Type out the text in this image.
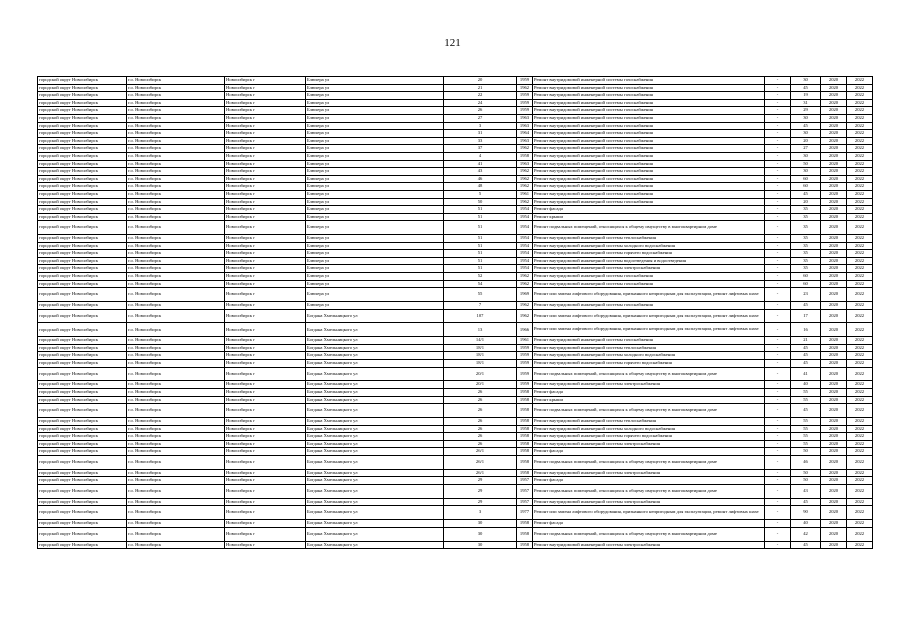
121
городской округ Новосибирск	г.о. Новосибирск	Новосибирск г	Блюхера ул	20	1959	Ремонт внутридомовой инженерной системы газоснабжения	-	30	2020	2022
городской округ Новосибирск	г.о. Новосибирск	Новосибирск г	Блюхера ул	21	1962	Ремонт внутридомовой инженерной системы газоснабжения	-	45	2020	2022
городской округ Новосибирск	г.о. Новосибирск	Новосибирск г	Блюхера ул	22	1959	Ремонт внутридомовой инженерной системы газоснабжения	-	19	2020	2022
городской округ Новосибирск	г.о. Новосибирск	Новосибирск г	Блюхера ул	24	1959	Ремонт внутридомовой инженерной системы газоснабжения	-	31	2020	2022
городской округ Новосибирск	г.о. Новосибирск	Новосибирск г	Блюхера ул	26	1959	Ремонт внутридомовой инженерной системы газоснабжения	-	29	2020	2022
городской округ Новосибирск	г.о. Новосибирск	Новосибирск г	Блюхера ул	27	1963	Ремонт внутридомовой инженерной системы газоснабжения	-	30	2020	2022
городской округ Новосибирск	г.о. Новосибирск	Новосибирск г	Блюхера ул	3	1963	Ремонт внутридомовой инженерной системы газоснабжения	-	45	2020	2022
городской округ Новосибирск	г.о. Новосибирск	Новосибирск г	Блюхера ул	31	1964	Ремонт внутридомовой инженерной системы газоснабжения	-	30	2020	2022
городской округ Новосибирск	г.о. Новосибирск	Новосибирск г	Блюхера ул	33	1963	Ремонт внутридомовой инженерной системы газоснабжения	-	20	2020	2022
городской округ Новосибирск	г.о. Новосибирск	Новосибирск г	Блюхера ул	37	1962	Ремонт внутридомовой инженерной системы газоснабжения	-	27	2020	2022
городской округ Новосибирск	г.о. Новосибирск	Новосибирск г	Блюхера ул	4	1958	Ремонт внутридомовой инженерной системы газоснабжения	-	30	2020	2022
городской округ Новосибирск	г.о. Новосибирск	Новосибирск г	Блюхера ул	41	1963	Ремонт внутридомовой инженерной системы газоснабжения	-	50	2020	2022
городской округ Новосибирск	г.о. Новосибирск	Новосибирск г	Блюхера ул	43	1962	Ремонт внутридомовой инженерной системы газоснабжения	-	30	2020	2022
городской округ Новосибирск	г.о. Новосибирск	Новосибирск г	Блюхера ул	46	1962	Ремонт внутридомовой инженерной системы газоснабжения	-	60	2020	2022
городской округ Новосибирск	г.о. Новосибирск	Новосибирск г	Блюхера ул	48	1962	Ремонт внутридомовой инженерной системы газоснабжения	-	60	2020	2022
городской округ Новосибирск	г.о. Новосибирск	Новосибирск г	Блюхера ул	5	1961	Ремонт внутридомовой инженерной системы газоснабжения	-	45	2020	2022
городской округ Новосибирск	г.о. Новосибирск	Новосибирск г	Блюхера ул	50	1962	Ремонт внутридомовой инженерной системы газоснабжения	-	20	2020	2022
городской округ Новосибирск	г.о. Новосибирск	Новосибирск г	Блюхера ул	51	1954	Ремонт фасада	-	35	2020	2022
городской округ Новосибирск	г.о. Новосибирск	Новосибирск г	Блюхера ул	51	1954	Ремонт крыши	-	35	2020	2022
городской округ Новосибирск	г.о. Новосибирск	Новосибирск г	Блюхера ул	51	1954	Ремонт подвальных помещений, относящихся к общему имуществу в многоквартирном доме	-	35	2020	2022
городской округ Новосибирск	г.о. Новосибирск	Новосибирск г	Блюхера ул	51	1954	Ремонт внутридомовой инженерной системы теплоснабжения	-	35	2020	2022
городской округ Новосибирск	г.о. Новосибирск	Новосибирск г	Блюхера ул	51	1954	Ремонт внутридомовой инженерной системы холодного водоснабжения	-	35	2020	2022
городской округ Новосибирск	г.о. Новосибирск	Новосибирск г	Блюхера ул	51	1954	Ремонт внутридомовой инженерной системы горячего водоснабжения	-	35	2020	2022
городской округ Новосибирск	г.о. Новосибирск	Новосибирск г	Блюхера ул	51	1954	Ремонт внутридомовой инженерной системы водоотведения и водоотведения	-	35	2020	2022
городской округ Новосибирск	г.о. Новосибирск	Новосибирск г	Блюхера ул	51	1954	Ремонт внутридомовой инженерной системы электроснабжения	-	35	2020	2022
городской округ Новосибирск	г.о. Новосибирск	Новосибирск г	Блюхера ул	52	1962	Ремонт внутридомовой инженерной системы газоснабжения	-	60	2020	2022
городской округ Новосибирск	г.о. Новосибирск	Новосибирск г	Блюхера ул	54	1962	Ремонт внутридомовой инженерной системы газоснабжения	-	60	2020	2022
городской округ Новосибирск	г.о. Новосибирск	Новосибирск г	Блюхера ул	55	1969	Ремонт или замена лифтового оборудования, признанного непригодным для эксплуатации, ремонт лифтовых шахт	-	23	2020	2022
городской округ Новосибирск	г.о. Новосибирск	Новосибирск г	Блюхера ул	7	1962	Ремонт внутридомовой инженерной системы газоснабжения	-	45	2020	2022
городской округ Новосибирск	г.о. Новосибирск	Новосибирск г	Богдана Хмельницкого ул	107	1962	Ремонт или замена лифтового оборудования, признанного непригодным для эксплуатации, ремонт лифтовых шахт	-	17	2020	2022
городской округ Новосибирск	г.о. Новосибирск	Новосибирск г	Богдана Хмельницкого ул	13	1966	Ремонт или замена лифтового оборудования, признанного непригодным для эксплуатации, ремонт лифтовых шахт	-	16	2020	2022
городской округ Новосибирск	г.о. Новосибирск	Новосибирск г	Богдана Хмельницкого ул	14/1	1961	Ремонт внутридомовой инженерной системы газоснабжения	-	21	2020	2022
городской округ Новосибирск	г.о. Новосибирск	Новосибирск г	Богдана Хмельницкого ул	18/1	1959	Ремонт внутридомовой инженерной системы теплоснабжения	-	45	2020	2022
городской округ Новосибирск	г.о. Новосибирск	Новосибирск г	Богдана Хмельницкого ул	18/1	1959	Ремонт внутридомовой инженерной системы холодного водоснабжения	-	45	2020	2022
городской округ Новосибирск	г.о. Новосибирск	Новосибирск г	Богдана Хмельницкого ул	18/1	1959	Ремонт внутридомовой инженерной системы горячего водоснабжения	-	45	2020	2022
городской округ Новосибирск	г.о. Новосибирск	Новосибирск г	Богдана Хмельницкого ул	20/1	1959	Ремонт подвальных помещений, относящихся к общему имуществу в многоквартирном доме	-	41	2020	2022
городской округ Новосибирск	г.о. Новосибирск	Новосибирск г	Богдана Хмельницкого ул	20/1	1959	Ремонт внутридомовой инженерной системы электроснабжения	-	40	2020	2022
городской округ Новосибирск	г.о. Новосибирск	Новосибирск г	Богдана Хмельницкого ул	26	1958	Ремонт фасада	-	55	2020	2022
городской округ Новосибирск	г.о. Новосибирск	Новосибирск г	Богдана Хмельницкого ул	26	1958	Ремонт крыши	-	55	2020	2022
городской округ Новосибирск	г.о. Новосибирск	Новосибирск г	Богдана Хмельницкого ул	26	1958	Ремонт подвальных помещений, относящихся к общему имуществу в многоквартирном доме	-	45	2020	2022
городской округ Новосибирск	г.о. Новосибирск	Новосибирск г	Богдана Хмельницкого ул	26	1958	Ремонт внутридомовой инженерной системы теплоснабжения	-	55	2020	2022
городской округ Новосибирск	г.о. Новосибирск	Новосибирск г	Богдана Хмельницкого ул	26	1958	Ремонт внутридомовой инженерной системы холодного водоснабжения	-	55	2020	2022
городской округ Новосибирск	г.о. Новосибирск	Новосибирск г	Богдана Хмельницкого ул	26	1958	Ремонт внутридомовой инженерной системы горячего водоснабжения	-	55	2020	2022
городской округ Новосибирск	г.о. Новосибирск	Новосибирск г	Богдана Хмельницкого ул	26	1958	Ремонт внутридомовой инженерной системы электроснабжения	-	55	2020	2022
городской округ Новосибирск	г.о. Новосибирск	Новосибирск г	Богдана Хмельницкого ул	26/1	1958	Ремонт фасада	-	50	2020	2022
городской округ Новосибирск	г.о. Новосибирск	Новосибирск г	Богдана Хмельницкого ул	26/1	1958	Ремонт подвальных помещений, относящихся к общему имуществу в многоквартирном доме	-	46	2020	2022
городской округ Новосибирск	г.о. Новосибирск	Новосибирск г	Богдана Хмельницкого ул	26/1	1958	Ремонт внутридомовой инженерной системы электроснабжения	-	50	2020	2022
городской округ Новосибирск	г.о. Новосибирск	Новосибирск г	Богдана Хмельницкого ул	29	1957	Ремонт фасада	-	50	2020	2022
городской округ Новосибирск	г.о. Новосибирск	Новосибирск г	Богдана Хмельницкого ул	29	1957	Ремонт подвальных помещений, относящихся к общему имуществу в многоквартирном доме	-	43	2020	2022
городской округ Новосибирск	г.о. Новосибирск	Новосибирск г	Богдана Хмельницкого ул	29	1957	Ремонт внутридомовой инженерной системы электроснабжения	-	45	2020	2022
городской округ Новосибирск	г.о. Новосибирск	Новосибирск г	Богдана Хмельницкого ул	3	1977	Ремонт или замена лифтового оборудования, признанного непригодным для эксплуатации, ремонт лифтовых шахт	-	90	2020	2022
городской округ Новосибирск	г.о. Новосибирск	Новосибирск г	Богдана Хмельницкого ул	30	1958	Ремонт фасада	-	40	2020	2022
городской округ Новосибирск	г.о. Новосибирск	Новосибирск г	Богдана Хмельницкого ул	30	1958	Ремонт подвальных помещений, относящихся к общему имуществу в многоквартирном доме	-	42	2020	2022
городской округ Новосибирск	г.о. Новосибирск	Новосибирск г	Богдана Хмельницкого ул	30	1958	Ремонт внутридомовой инженерной системы электроснабжения	-	45	2020	2022
